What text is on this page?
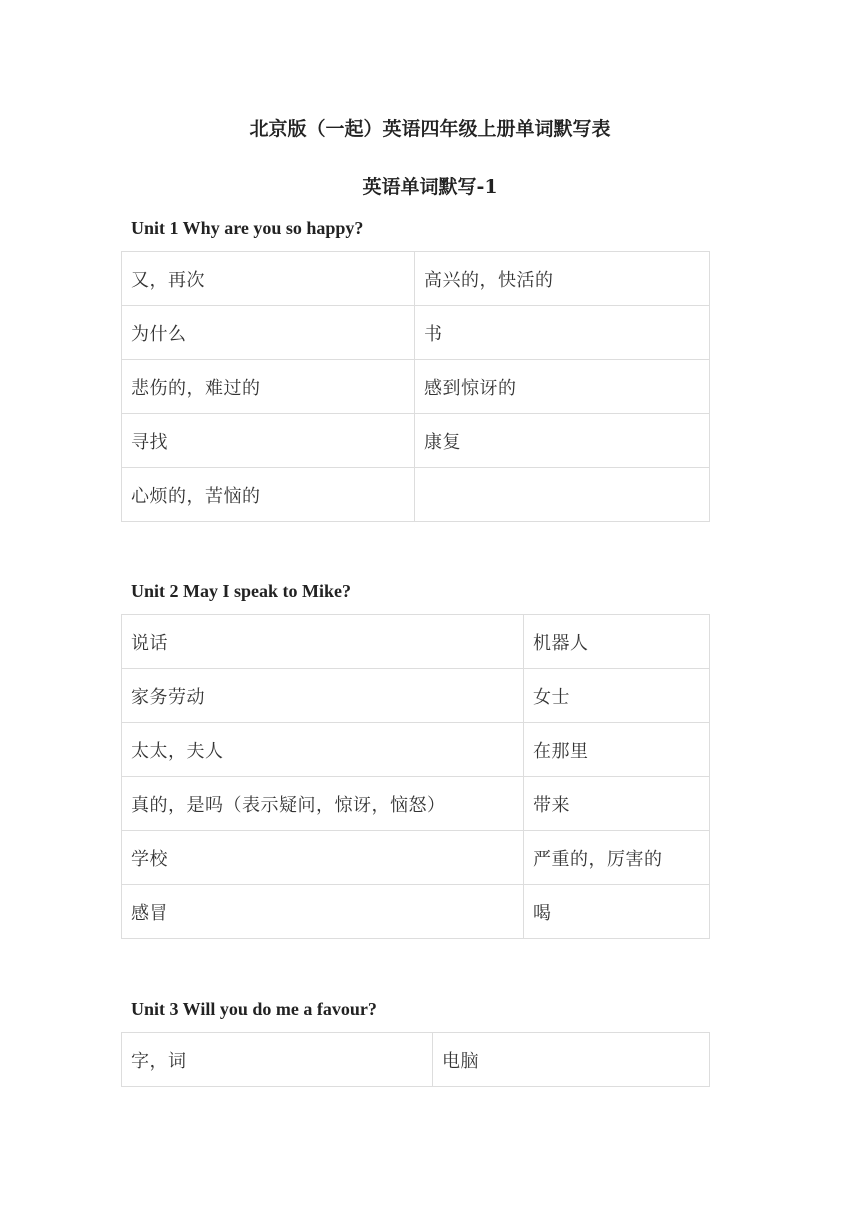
北京版（一起）英语四年级上册单词默写表
英语单词默写-1
Unit 1 Why are you so happy?
又，再次	高兴的，快活的
为什么	书
悲伤的，难过的	感到惊讶的
寻找	康复
心烦的，苦恼的	
Unit 2 May I speak to Mike?
说话	机器人
家务劳动	女士
太太，夫人	在那里
真的，是吗（表示疑问，惊讶，恼怒）	带来
学校	严重的，厉害的
感冒	喝
Unit 3 Will you do me a favour?
字，词	电脑
